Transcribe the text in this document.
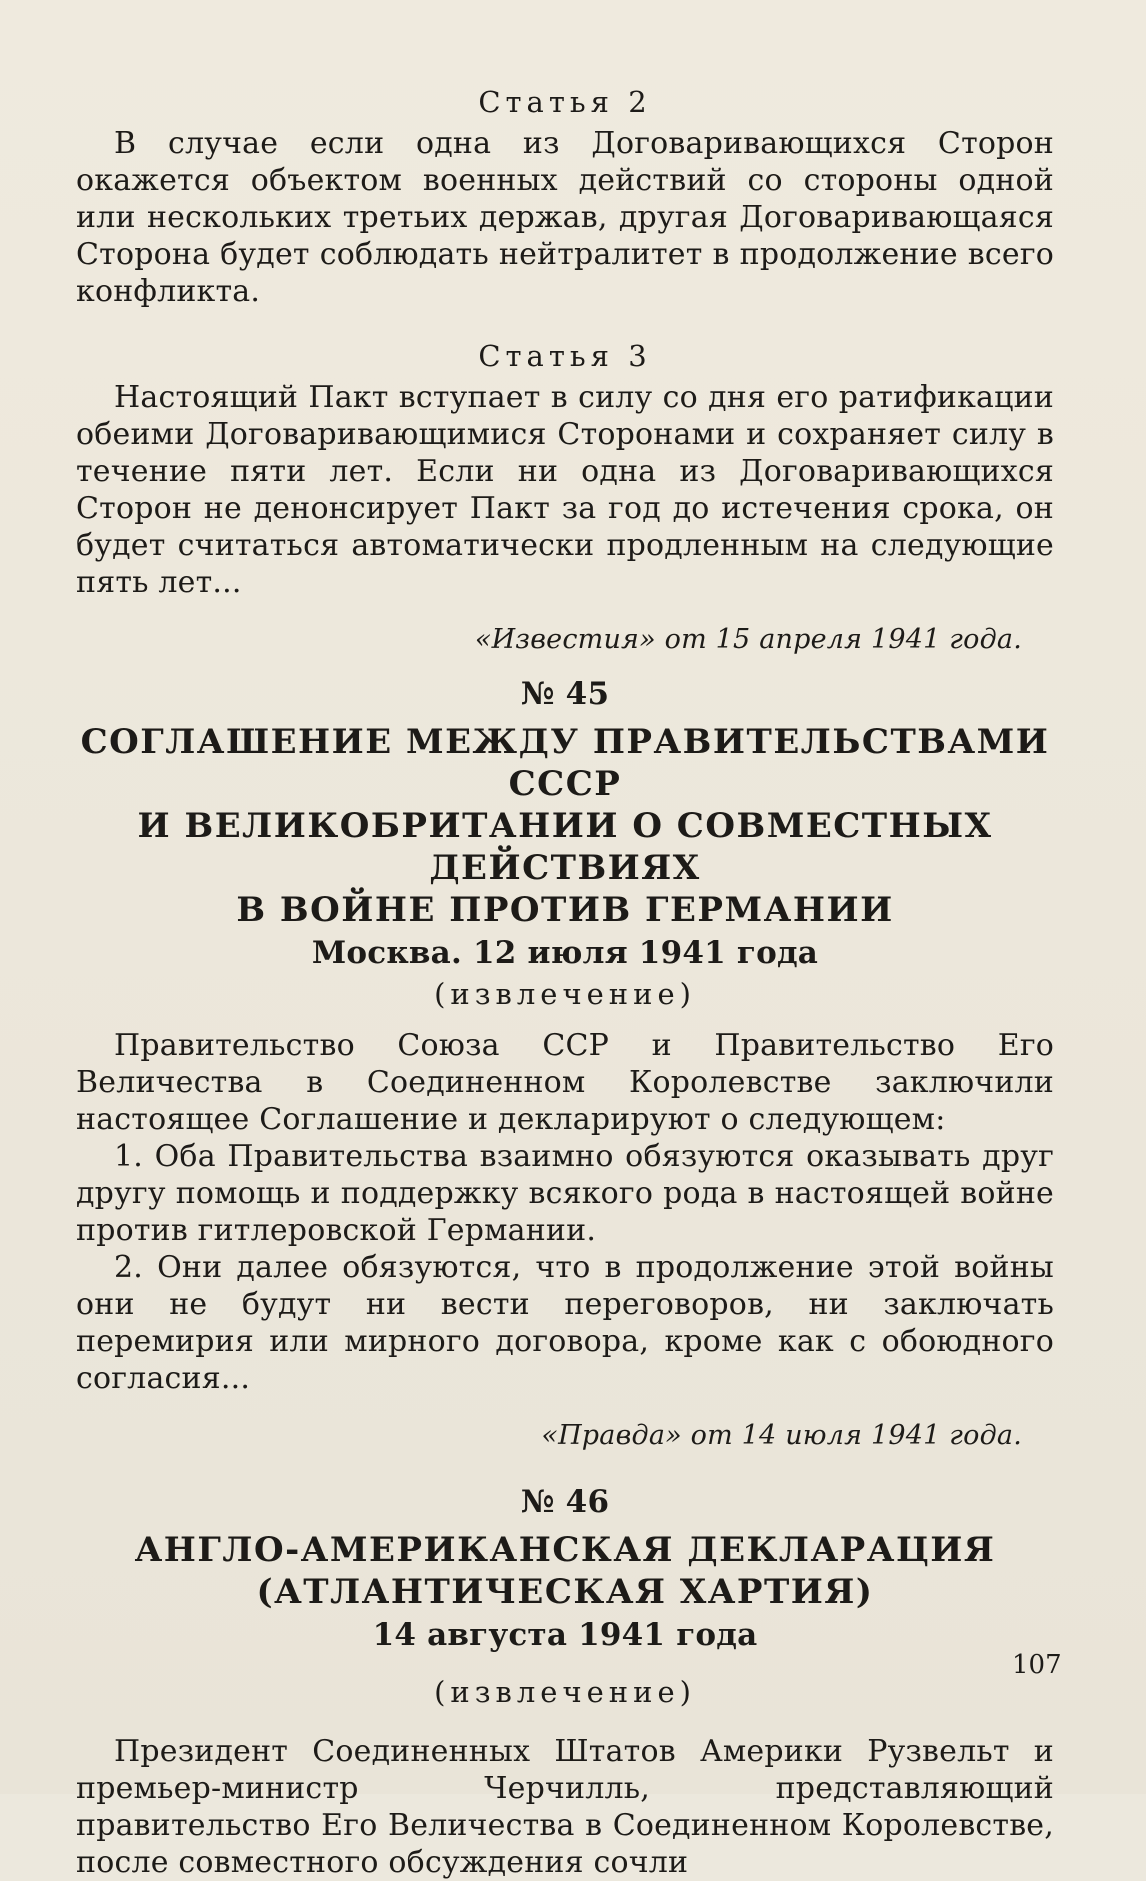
Статья 2

В случае если одна из Договаривающихся Сторон окажется объектом военных действий со стороны одной или нескольких третьих держав, другая Договаривающаяся Сторона будет соблюдать нейтралитет в продолжение всего конфликта.

Статья 3

Настоящий Пакт вступает в силу со дня его ратификации обеими Договаривающимися Сторонами и сохраняет силу в течение пяти лет. Если ни одна из Договаривающихся Сторон не денонсирует Пакт за год до истечения срока, он будет считаться автоматически продленным на следующие пять лет...

«Известия» от 15 апреля 1941 года.
№ 45
СОГЛАШЕНИЕ МЕЖДУ ПРАВИТЕЛЬСТВАМИ СССР
И ВЕЛИКОБРИТАНИИ О СОВМЕСТНЫХ ДЕЙСТВИЯХ
В ВОЙНЕ ПРОТИВ ГЕРМАНИИ
Москва. 12 июля 1941 года
(извлечение)

Правительство Союза ССР и Правительство Его Величества в Соединенном Королевстве заключили настоящее Соглашение и декларируют о следующем:

1. Оба Правительства взаимно обязуются оказывать друг другу помощь и поддержку всякого рода в настоящей войне против гитлеровской Германии.

2. Они далее обязуются, что в продолжение этой войны они не будут ни вести переговоров, ни заключать перемирия или мирного договора, кроме как с обоюдного согласия...

«Правда» от 14 июля 1941 года.
№ 46
АНГЛО-АМЕРИКАНСКАЯ ДЕКЛАРАЦИЯ
(АТЛАНТИЧЕСКАЯ ХАРТИЯ)
14 августа 1941 года
(извлечение)

Президент Соединенных Штатов Америки Рузвельт и премьер-министр Черчилль, представляющий правительство Его Величества в Соединенном Королевстве, после совместного обсуждения сочли

107
